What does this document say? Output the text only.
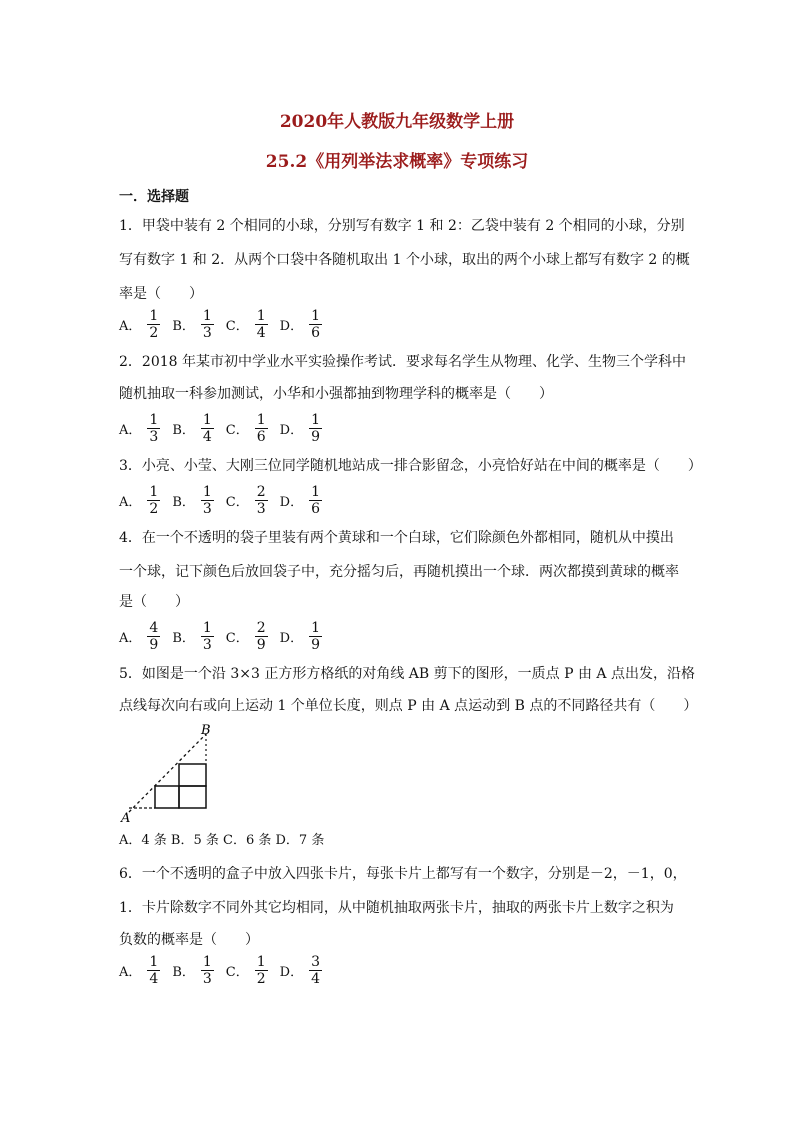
2020年人教版九年级数学上册
25.2《用列举法求概率》专项练习
一．选择题
1．甲袋中装有 2 个相同的小球，分别写有数字 1 和 2：乙袋中装有 2 个相同的小球，分别
写有数字 1 和 2．从两个口袋中各随机取出 1 个小球，取出的两个小球上都写有数字 2 的概
率是（　　）
A． $\frac{1}{2}$ B． $\frac{1}{3}$ C． $\frac{1}{4}$ D． $\frac{1}{6}$
2．2018 年某市初中学业水平实验操作考试．要求每名学生从物理、化学、生物三个学科中
随机抽取一科参加测试，小华和小强都抽到物理学科的概率是（　　）
A． $\frac{1}{3}$ B． $\frac{1}{4}$ C． $\frac{1}{6}$ D． $\frac{1}{9}$
3．小亮、小莹、大刚三位同学随机地站成一排合影留念，小亮恰好站在中间的概率是（　　）
A． $\frac{1}{2}$ B． $\frac{1}{3}$ C． $\frac{2}{3}$ D． $\frac{1}{6}$
4．在一个不透明的袋子里装有两个黄球和一个白球，它们除颜色外都相同，随机从中摸出
一个球，记下颜色后放回袋子中，充分摇匀后，再随机摸出一个球．两次都摸到黄球的概率
是（　　）
A． $\frac{4}{9}$ B． $\frac{1}{3}$ C． $\frac{2}{9}$ D． $\frac{1}{9}$
5．如图是一个沿 3×3 正方形方格纸的对角线 AB 剪下的图形，一质点 P 由 A 点出发，沿格
点线每次向右或向上运动 1 个单位长度，则点 P 由 A 点运动到 B 点的不同路径共有（　　）
A
B
A．4 条 B．5 条 C．6 条 D．7 条
6．一个不透明的盒子中放入四张卡片，每张卡片上都写有一个数字，分别是－2，－1，0，
1．卡片除数字不同外其它均相同，从中随机抽取两张卡片，抽取的两张卡片上数字之积为
负数的概率是（　　）
A． $\frac{1}{4}$ B． $\frac{1}{3}$ C． $\frac{1}{2}$ D． $\frac{3}{4}$
